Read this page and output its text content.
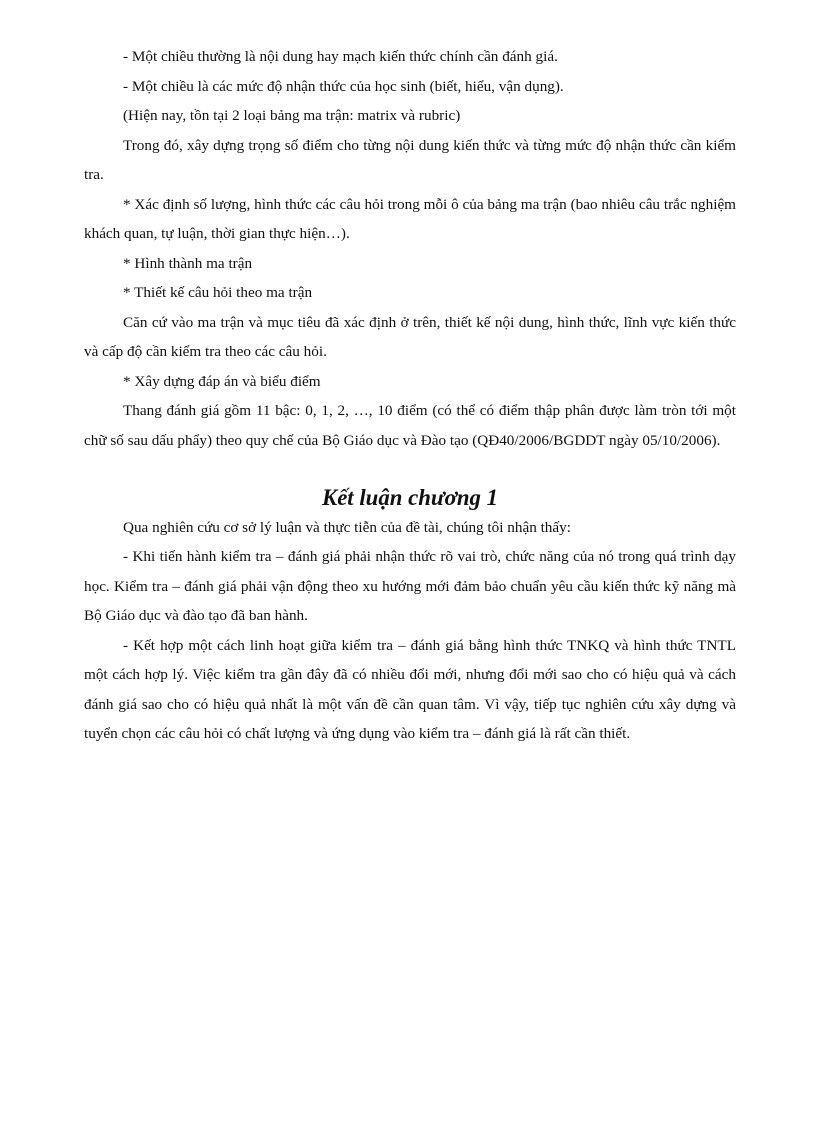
- Một chiều thường là nội dung hay mạch kiến thức chính cần đánh giá.

- Một chiều là các mức độ nhận thức của học sinh (biết, hiểu, vận dụng).

(Hiện nay, tồn tại 2 loại bảng ma trận: matrix và rubric)

Trong đó, xây dựng trọng số điểm cho từng nội dung kiến thức và từng mức độ nhận thức cần kiểm tra.

* Xác định số lượng, hình thức các câu hỏi trong mỗi ô của bảng ma trận (bao nhiêu câu trắc nghiệm khách quan, tự luận, thời gian thực hiện…).

* Hình thành ma trận

* Thiết kế câu hỏi theo ma trận

Căn cứ vào ma trận và mục tiêu đã xác định ở trên, thiết kế nội dung, hình thức, lĩnh vực kiến thức và cấp độ cần kiểm tra theo các câu hỏi.

* Xây dựng đáp án và biểu điểm

Thang đánh giá gồm 11 bậc: 0, 1, 2, …, 10 điểm (có thể có điểm thập phân được làm tròn tới một chữ số sau dấu phẩy) theo quy chế của Bộ Giáo dục và Đào tạo (QĐ40/2006/BGDDT ngày 05/10/2006).

Kết luận chương 1

Qua nghiên cứu cơ sở lý luận và thực tiễn của đề tài, chúng tôi nhận thấy:

- Khi tiến hành kiểm tra – đánh giá phải nhận thức rõ vai trò, chức năng của nó trong quá trình dạy học. Kiểm tra – đánh giá phải vận động theo xu hướng mới đảm bảo chuẩn yêu cầu kiến thức kỹ năng mà Bộ Giáo dục và đào tạo đã ban hành.

- Kết hợp một cách linh hoạt giữa kiểm tra – đánh giá bằng hình thức TNKQ và hình thức TNTL một cách hợp lý. Việc kiểm tra gần đây đã có nhiều đổi mới, nhưng đổi mới sao cho có hiệu quả và cách đánh giá sao cho có hiệu quả nhất là một vấn đề cần quan tâm. Vì vậy, tiếp tục nghiên cứu xây dựng và tuyển chọn các câu hỏi có chất lượng và ứng dụng vào kiểm tra – đánh giá là rất cần thiết.
